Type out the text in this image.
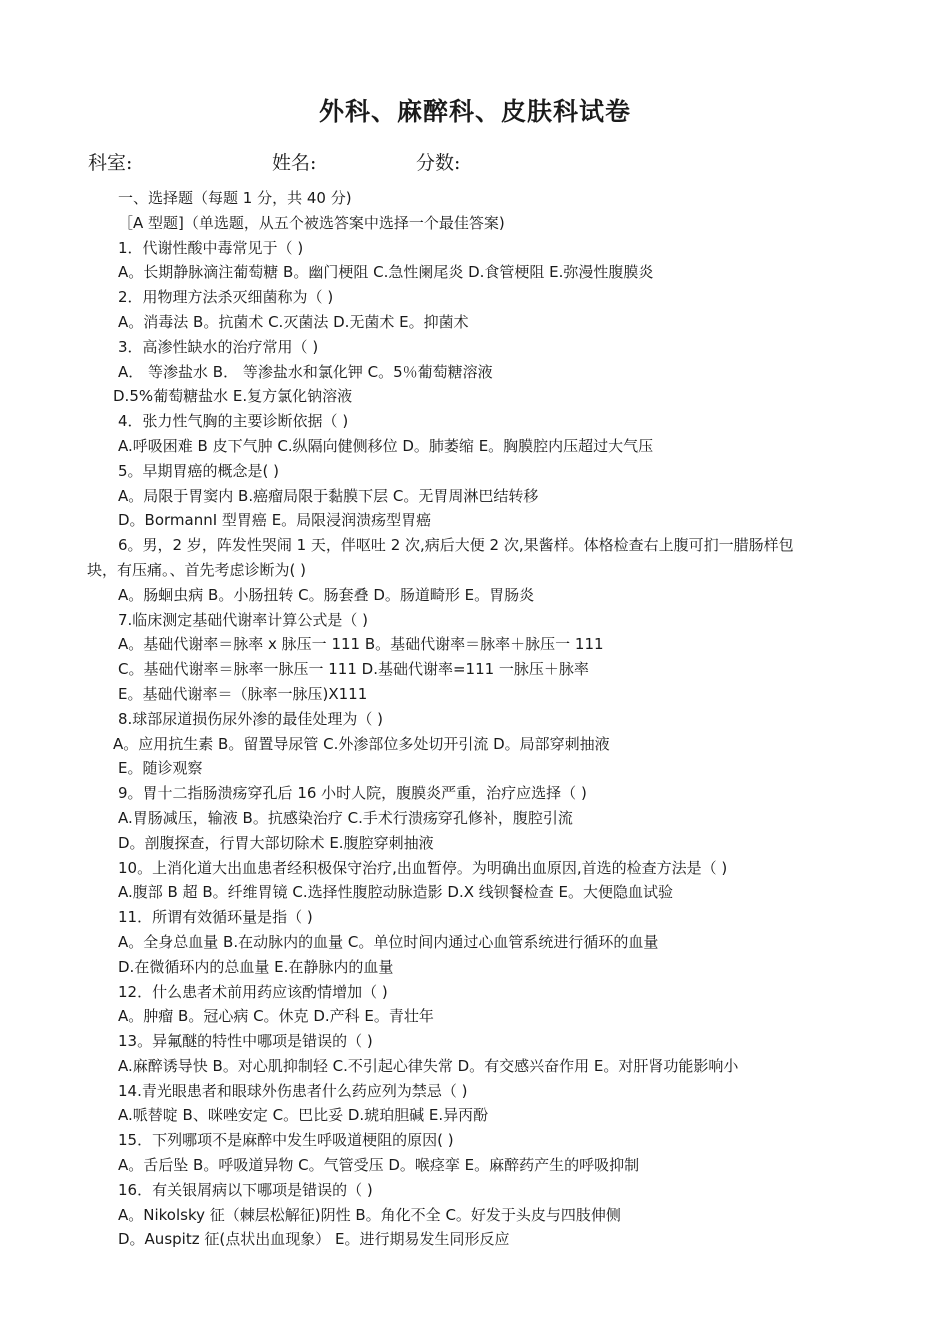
外科、麻醉科、皮肤科试卷
科室:	姓名:	分数:
一、选择题（每题 1 分，共 40 分)
［A 型题]（单选题，从五个被选答案中选择一个最佳答案)
1．代谢性酸中毒常见于（ )
A。长期静脉滴注葡萄糖 B。幽门梗阻 C.急性阑尾炎 D.食管梗阻 E.弥漫性腹膜炎
2．用物理方法杀灭细菌称为（ )
A。消毒法 B。抗菌术 C.灭菌法 D.无菌术 E。抑菌术
3．高渗性缺水的治疗常用（ )
A． 等渗盐水 B． 等渗盐水和氯化钾 C。5％葡萄糖溶液
D.5%葡萄糖盐水 E.复方氯化钠溶液
4．张力性气胸的主要诊断依据（ )
A.呼吸困难 B 皮下气肿 C.纵隔向健侧移位 D。肺萎缩 E。胸膜腔内压超过大气压
5。早期胃癌的概念是( )
A。局限于胃窦内 B.癌瘤局限于黏膜下层 C。无胃周淋巴结转移
D。BormannI 型胃癌 E。局限浸润溃疡型胃癌
6。男，2 岁，阵发性哭闹 1 天，伴呕吐 2 次,病后大便 2 次,果酱样。体格检查右上腹可扪一腊肠样包
块，有压痛。、首先考虑诊断为( )
A。肠蛔虫病 B。小肠扭转 C。肠套叠 D。肠道畸形 E。胃肠炎
7.临床测定基础代谢率计算公式是（ )
A。基础代谢率＝脉率 x 脉压一 111 B。基础代谢率＝脉率＋脉压一 111
C。基础代谢率＝脉率一脉压一 111 D.基础代谢率=111 一脉压＋脉率
E。基础代谢率＝（脉率一脉压)X111
8.球部尿道损伤尿外渗的最佳处理为（ )
A。应用抗生素 B。留置导尿管 C.外渗部位多处切开引流 D。局部穿刺抽液
E。随诊观察
9。胃十二指肠溃疡穿孔后 16 小时人院，腹膜炎严重，治疗应选择（ )
A.胃肠减压，输液 B。抗感染治疗 C.手术行溃疡穿孔修补，腹腔引流
D。剖腹探查，行胃大部切除术 E.腹腔穿刺抽液
10。上消化道大出血患者经积极保守治疗,出血暂停。为明确出血原因,首选的检查方法是（ )
A.腹部 B 超 B。纤维胃镜 C.选择性腹腔动脉造影 D.X 线钡餐检查 E。大便隐血试验
11．所谓有效循环量是指（ )
A。全身总血量 B.在动脉内的血量 C。单位时间内通过心血管系统进行循环的血量
D.在微循环内的总血量 E.在静脉内的血量
12．什么患者术前用药应该酌情增加（ )
A。肿瘤 B。冠心病 C。休克 D.产科 E。青壮年
13。异氟醚的特性中哪项是错误的（ )
A.麻醉诱导快 B。对心肌抑制轻 C.不引起心律失常 D。有交感兴奋作用 E。对肝肾功能影响小
14.青光眼患者和眼球外伤患者什么药应列为禁忌（ )
A.哌替啶 B、咪唑安定 C。巴比妥 D.琥珀胆碱 E.异丙酚
15．下列哪项不是麻醉中发生呼吸道梗阻的原因( )
A。舌后坠 B。呼吸道异物 C。气管受压 D。喉痉挛 E。麻醉药产生的呼吸抑制
16．有关银屑病以下哪项是错误的（ )
A。Nikolsky 征（棘层松解征)阴性 B。角化不全 C。好发于头皮与四肢伸侧
D。Auspitz 征(点状出血现象） E。进行期易发生同形反应
